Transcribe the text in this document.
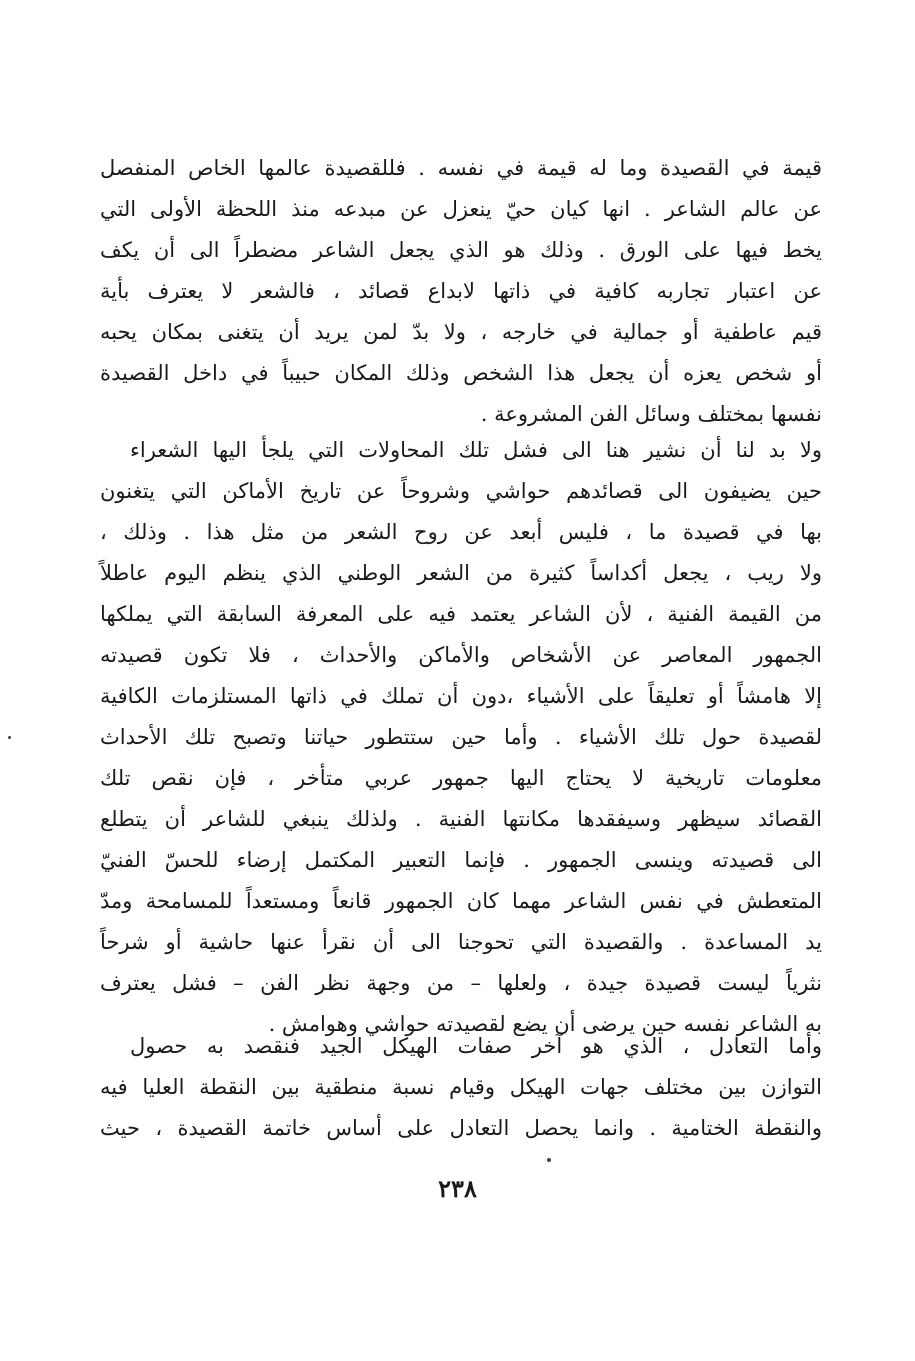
قيمة في القصيدة وما له قيمة في نفسه . فللقصيدة عالمها الخاص المنفصل
عن عالم الشاعر . انها كيان حيّ ينعزل عن مبدعه منذ اللحظة الأولى التي
يخط فيها على الورق . وذلك هو الذي يجعل الشاعر مضطراً الى أن يكف
عن اعتبار تجاربه كافية في ذاتها لابداع قصائد ، فالشعر لا يعترف بأية
قيم عاطفية أو جمالية في خارجه ، ولا بدّ لمن يريد أن يتغنى بمكان يحبه
أو شخص يعزه أن يجعل هذا الشخص وذلك المكان حبيباً في داخل القصيدة
نفسها بمختلف وسائل الفن المشروعة .
ولا بد لنا أن نشير هنا الى فشل تلك المحاولات التي يلجأ اليها الشعراء
حين يضيفون الى قصائدهم حواشي وشروحاً عن تاريخ الأماكن التي يتغنون
بها في قصيدة ما ، فليس أبعد عن روح الشعر من مثل هذا . وذلك ،
ولا ريب ، يجعل أكداساً كثيرة من الشعر الوطني الذي ينظم اليوم عاطلاً
من القيمة الفنية ، لأن الشاعر يعتمد فيه على المعرفة السابقة التي يملكها
الجمهور المعاصر عن الأشخاص والأماكن والأحداث ، فلا تكون قصيدته
إلا هامشاً أو تعليقاً على الأشياء ،دون أن تملك في ذاتها المستلزمات الكافية
لقصيدة حول تلك الأشياء . وأما حين ستتطور حياتنا وتصبح تلك الأحداث
معلومات تاريخية لا يحتاج اليها جمهور عربي متأخر ، فإن نقص تلك
القصائد سيظهر وسيفقدها مكانتها الفنية . ولذلك ينبغي للشاعر أن يتطلع
الى قصيدته وينسى الجمهور . فإنما التعبير المكتمل إرضاء للحسّ الفنيّ
المتعطش في نفس الشاعر مهما كان الجمهور قانعاً ومستعداً للمسامحة ومدّ
يد المساعدة . والقصيدة التي تحوجنا الى أن نقرأ عنها حاشية أو شرحاً
نثرياً ليست قصيدة جيدة ، ولعلها – من وجهة نظر الفن – فشل يعترف
به الشاعر نفسه حين يرضى أن يضع لقصيدته حواشي وهوامش .
وأما التعادل ، الذي هو آخر صفات الهيكل الجيد فنقصد به حصول
التوازن بين مختلف جهات الهيكل وقيام نسبة منطقية بين النقطة العليا فيه
والنقطة الختامية . وانما يحصل التعادل على أساس خاتمة القصيدة ، حيث
٢٣٨
